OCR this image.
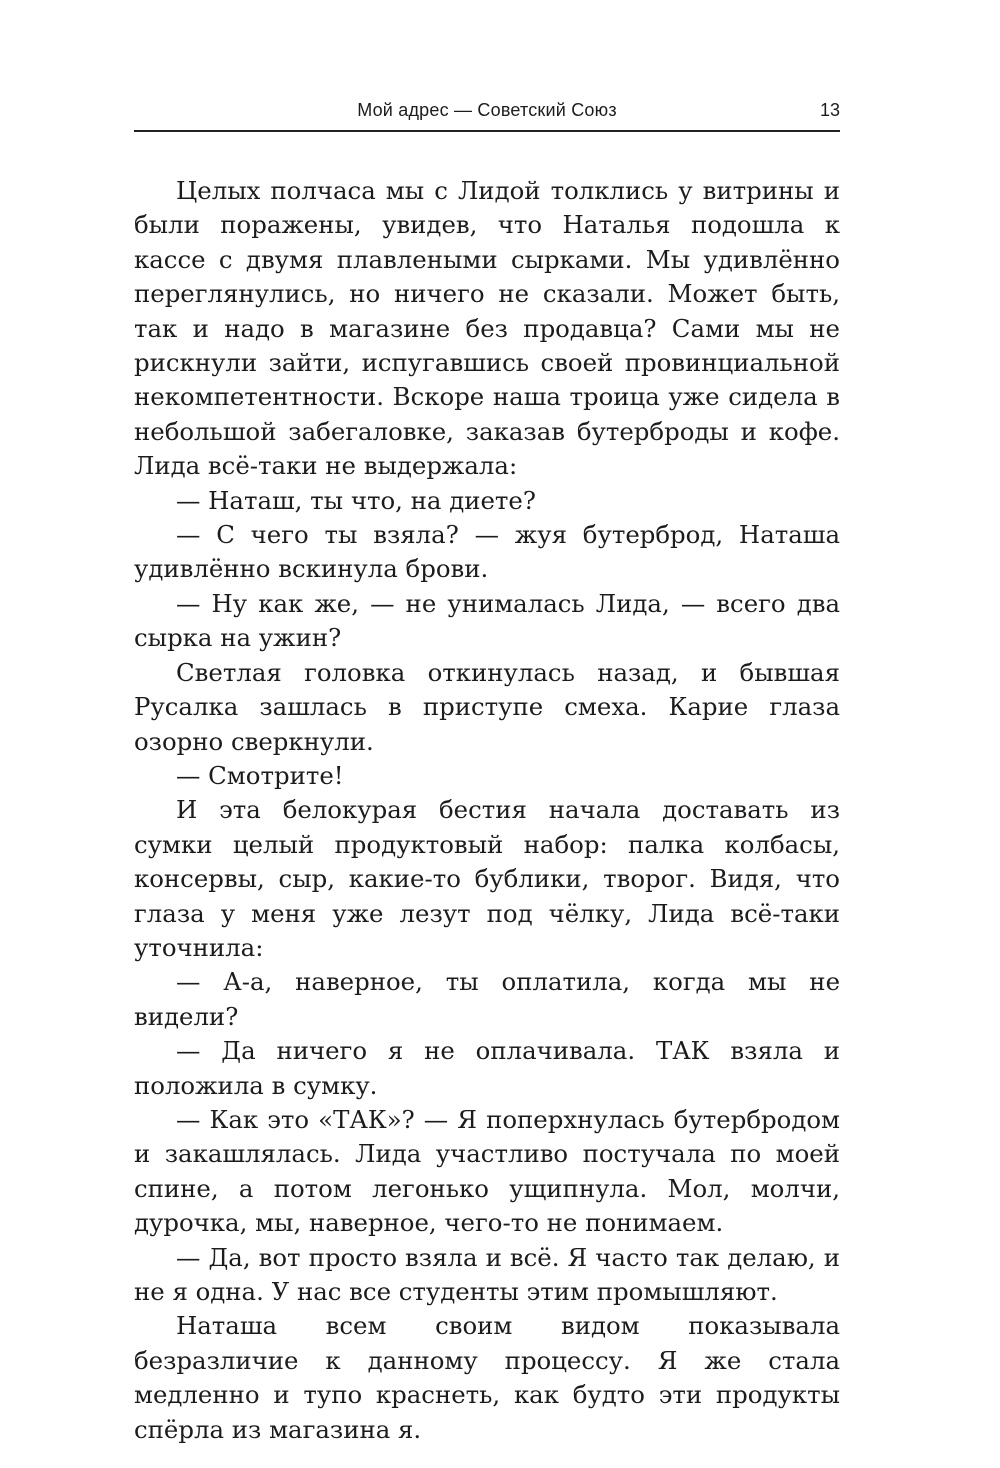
Мой адрес — Советский Союз	13

Целых полчаса мы с Лидой толклись у витрины и были поражены, увидев, что Наталья подошла к кассе с двумя плавлеными сырками. Мы удивлённо переглянулись, но ничего не сказали. Может быть, так и надо в магазине без продавца? Сами мы не рискнули зайти, испугавшись своей провинциальной некомпетентности. Вскоре наша троица уже сидела в небольшой забегаловке, заказав бутерброды и кофе. Лида всё-таки не выдержала:

— Наташ, ты что, на диете?

— С чего ты взяла? — жуя бутерброд, Наташа удивлённо вскинула брови.

— Ну как же, — не унималась Лида, — всего два сырка на ужин?

Светлая головка откинулась назад, и бывшая Русалка зашлась в приступе смеха. Карие глаза озорно сверкнули.

— Смотрите!

И эта белокурая бестия начала доставать из сумки целый продуктовый набор: палка колбасы, консервы, сыр, какие-то бублики, творог. Видя, что глаза у меня уже лезут под чёлку, Лида всё-таки уточнила:

— А-а, наверное, ты оплатила, когда мы не видели?

— Да ничего я не оплачивала. ТАК взяла и положила в сумку.

— Как это «ТАК»? — Я поперхнулась бутербродом и закашлялась. Лида участливо постучала по моей спине, а потом легонько ущипнула. Мол, молчи, дурочка, мы, наверное, чего-то не понимаем.

— Да, вот просто взяла и всё. Я часто так делаю, и не я одна. У нас все студенты этим промышляют.

Наташа всем своим видом показывала безразличие к данному процессу. Я же стала медленно и тупо краснеть, как будто эти продукты спёрла из магазина я.
